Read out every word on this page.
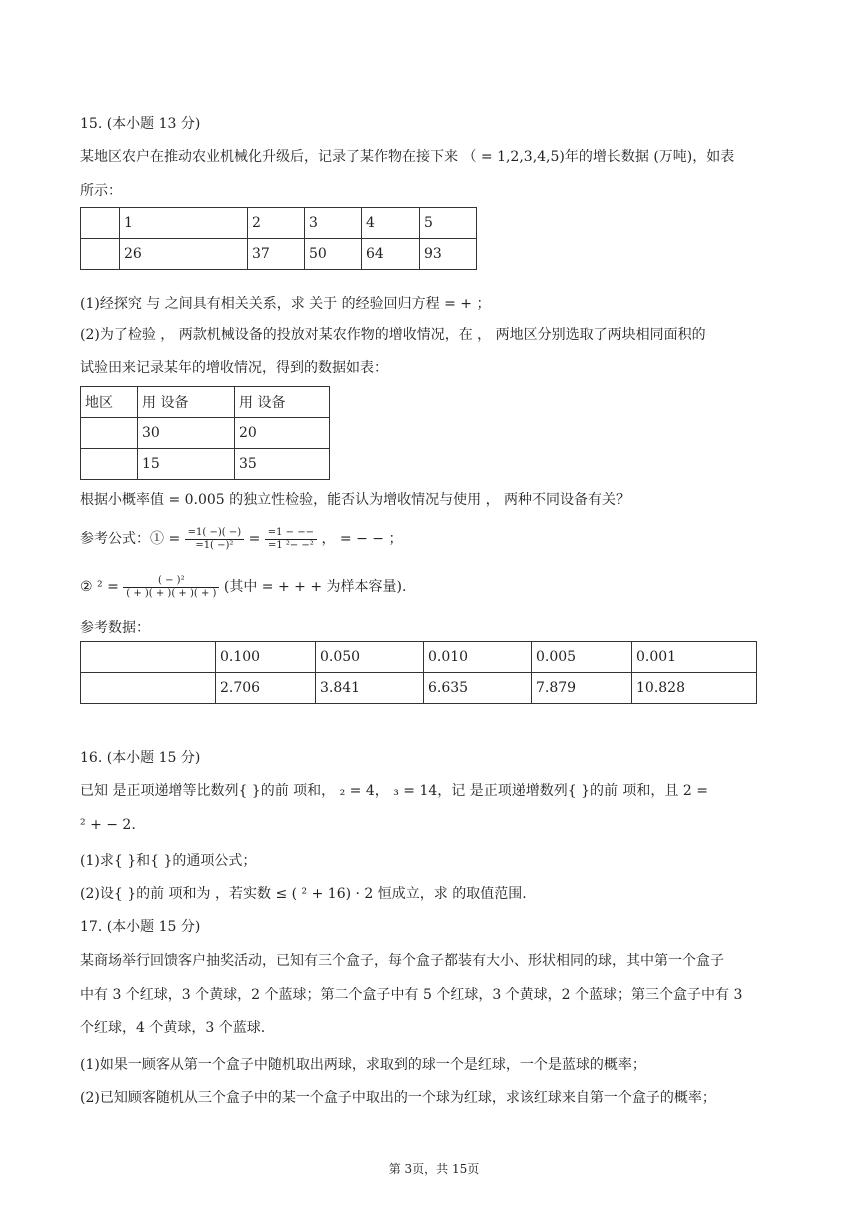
15. (本小题 13 分)
某地区农户在推动农业机械化升级后，记录了某作物在接下来 （ = 1,2,3,4,5)年的增长数据 (万吨)，如表
所示：
	1	2	3	4	5
	26	37	50	64	93
(1)经探究 与 之间具有相关关系，求 关于 的经验回归方程 = + ；
(2)为了检验 ， 两款机械设备的投放对某农作物的增收情况，在 ， 两地区分别选取了两块相同面积的
试验田来记录某年的增收情况，得到的数据如表：
地区	用 设备	用 设备
	30	20
	15	35
根据小概率值 = 0.005 的独立性检验，能否认为增收情况与使用 ， 两种不同设备有关？
参考公式：① = $\frac{=1( -)( -)}{\text{=1( −)²}} = \frac{=1 - --}{\text{=1 ²− −²}}$ ， = − − ；
② $^2 = \frac{\text{( − )²}}{( + )( + )( + )( + )}$ (其中 = + + + 为样本容量).
参考数据：
	0.100	0.050	0.010	0.005	0.001
	2.706	3.841	6.635	7.879	10.828
16. (本小题 15 分)
已知 是正项递增等比数列{ }的前 项和， ₂ = 4， ₃ = 14，记 是正项递增数列{ }的前 项和，且 2 =
² + − 2.
(1)求{ }和{ }的通项公式；
(2)设{ }的前 项和为 ，若实数 ≤ ( ² + 16) · 2 恒成立，求 的取值范围.
17. (本小题 15 分)
某商场举行回馈客户抽奖活动，已知有三个盒子，每个盒子都装有大小、形状相同的球，其中第一个盒子
中有 3 个红球，3 个黄球，2 个蓝球；第二个盒子中有 5 个红球，3 个黄球，2 个蓝球；第三个盒子中有 3
个红球，4 个黄球，3 个蓝球.
(1)如果一顾客从第一个盒子中随机取出两球，求取到的球一个是红球，一个是蓝球的概率；
(2)已知顾客随机从三个盒子中的某一个盒子中取出的一个球为红球，求该红球来自第一个盒子的概率；
第 3页，共 15页
